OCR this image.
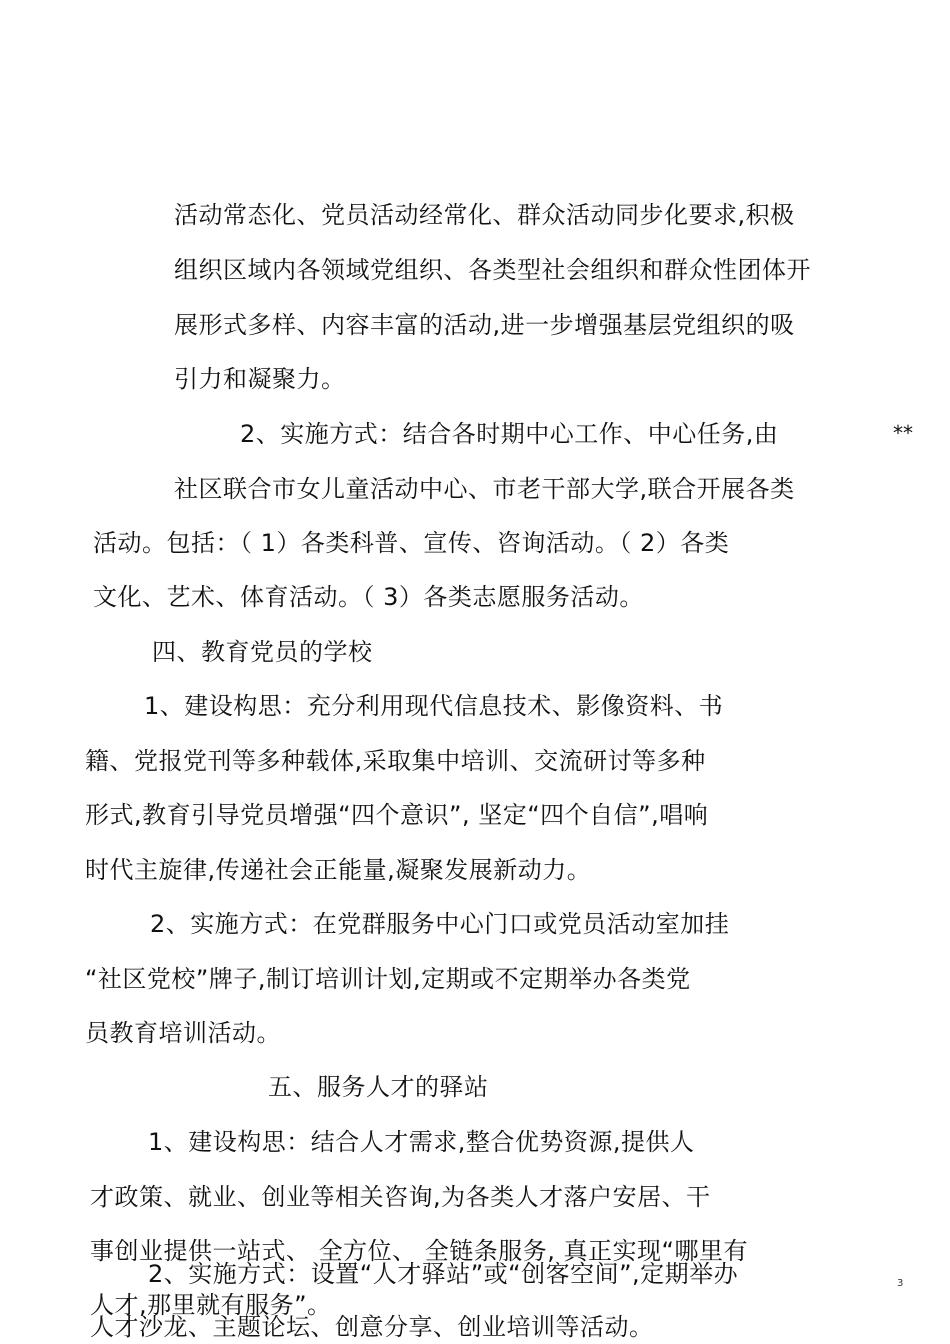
活动常态化、党员活动经常化、群众活动同步化要求,积极
组织区域内各领域党组织、各类型社会组织和群众性团体开
展形式多样、内容丰富的活动,进一步增强基层党组织的吸
引力和凝聚力。
2、实施方式：结合各时期中心工作、中心任务,由	**
社区联合市女儿童活动中心、市老干部大学,联合开展各类
活动。包括：（ 1）各类科普、宣传、咨询活动。（ 2）各类
文化、艺术、体育活动。（ 3）各类志愿服务活动。
四、教育党员的学校
1、建设构思：充分利用现代信息技术、影像资料、书
籍、党报党刊等多种载体,采取集中培训、交流研讨等多种
形式,教育引导党员增强“四个意识”, 坚定“四个自信”,唱响
时代主旋律,传递社会正能量,凝聚发展新动力。
2、实施方式：在党群服务中心门口或党员活动室加挂
“社区党校”牌子,制订培训计划,定期或不定期举办各类党
员教育培训活动。
五、服务人才的驿站
1、建设构思：结合人才需求,整合优势资源,提供人
才政策、就业、创业等相关咨询,为各类人才落户安居、干
事创业提供一站式、 全方位、 全链条服务, 真正实现“哪里有
2、实施方式：设置“人才驿站”或“创客空间”,定期举办
人才,那里就有服务”。
人才沙龙、主题论坛、创意分享、创业培训等活动。
3
